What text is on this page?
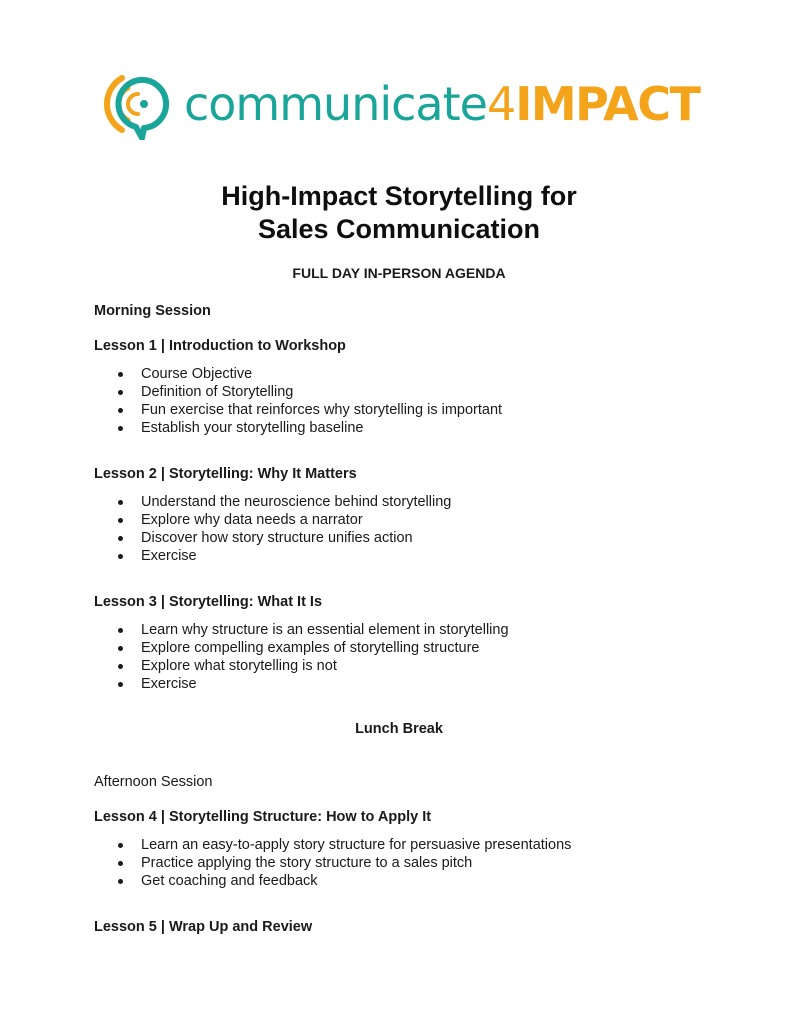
communicate4IMPACT
High-Impact Storytelling for
Sales Communication
FULL DAY IN-PERSON AGENDA
Morning Session
Lesson 1 | Introduction to Workshop
Course Objective
Definition of Storytelling
Fun exercise that reinforces why storytelling is important
Establish your storytelling baseline
Lesson 2 | Storytelling: Why It Matters
Understand the neuroscience behind storytelling
Explore why data needs a narrator
Discover how story structure unifies action
Exercise
Lesson 3 | Storytelling: What It Is
Learn why structure is an essential element in storytelling
Explore compelling examples of storytelling structure
Explore what storytelling is not
Exercise
Lunch Break
Afternoon Session
Lesson 4 | Storytelling Structure: How to Apply It
Learn an easy-to-apply story structure for persuasive presentations
Practice applying the story structure to a sales pitch
Get coaching and feedback
Lesson 5 | Wrap Up and Review
